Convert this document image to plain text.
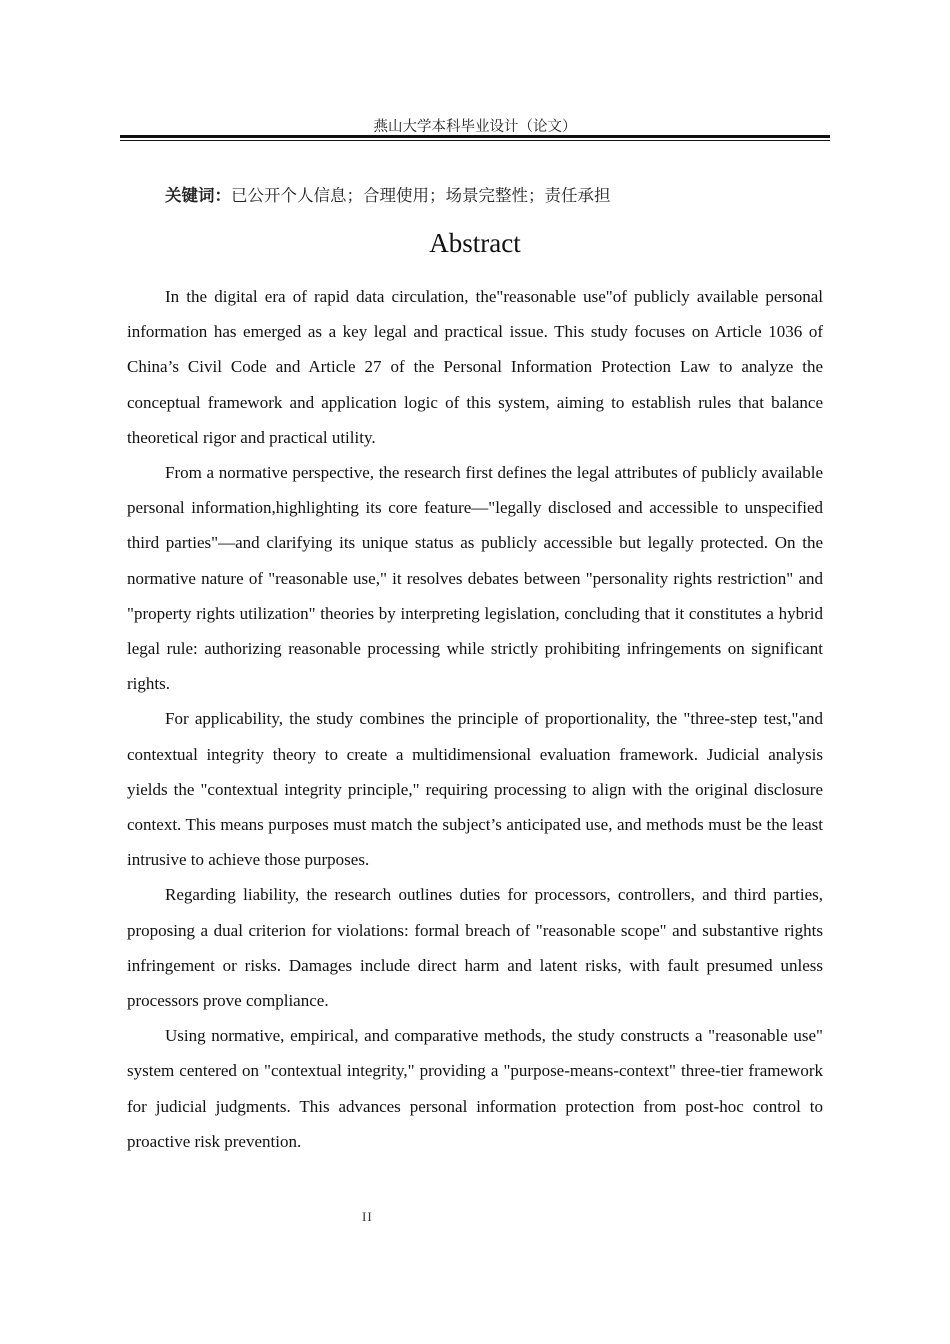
燕山大学本科毕业设计（论文）
关键词：已公开个人信息；合理使用；场景完整性；责任承担
Abstract

In the digital era of rapid data circulation, the"reasonable use"of publicly available personal information has emerged as a key legal and practical issue. This study focuses on Article 1036 of China’s Civil Code and Article 27 of the Personal Information Protection Law to analyze the conceptual framework and application logic of this system, aiming to establish rules that balance theoretical rigor and practical utility.

From a normative perspective, the research first defines the legal attributes of publicly available personal information,highlighting its core feature—"legally disclosed and accessible to unspecified third parties"—and clarifying its unique status as publicly accessible but legally protected. On the normative nature of "reasonable use," it resolves debates between "personality rights restriction" and "property rights utilization" theories by interpreting legislation, concluding that it constitutes a hybrid legal rule: authorizing reasonable processing while strictly prohibiting infringements on significant rights.

For applicability, the study combines the principle of proportionality, the "three-step test,"and contextual integrity theory to create a multidimensional evaluation framework. Judicial analysis yields the "contextual integrity principle," requiring processing to align with the original disclosure context. This means purposes must match the subject’s anticipated use, and methods must be the least intrusive to achieve those purposes.

Regarding liability, the research outlines duties for processors, controllers, and third parties, proposing a dual criterion for violations: formal breach of "reasonable scope" and substantive rights infringement or risks. Damages include direct harm and latent risks, with fault presumed unless processors prove compliance.

Using normative, empirical, and comparative methods, the study constructs a "reasonable use" system centered on "contextual integrity," providing a "purpose-means-context" three-tier framework for judicial judgments. This advances personal information protection from post-hoc control to proactive risk prevention.

II
